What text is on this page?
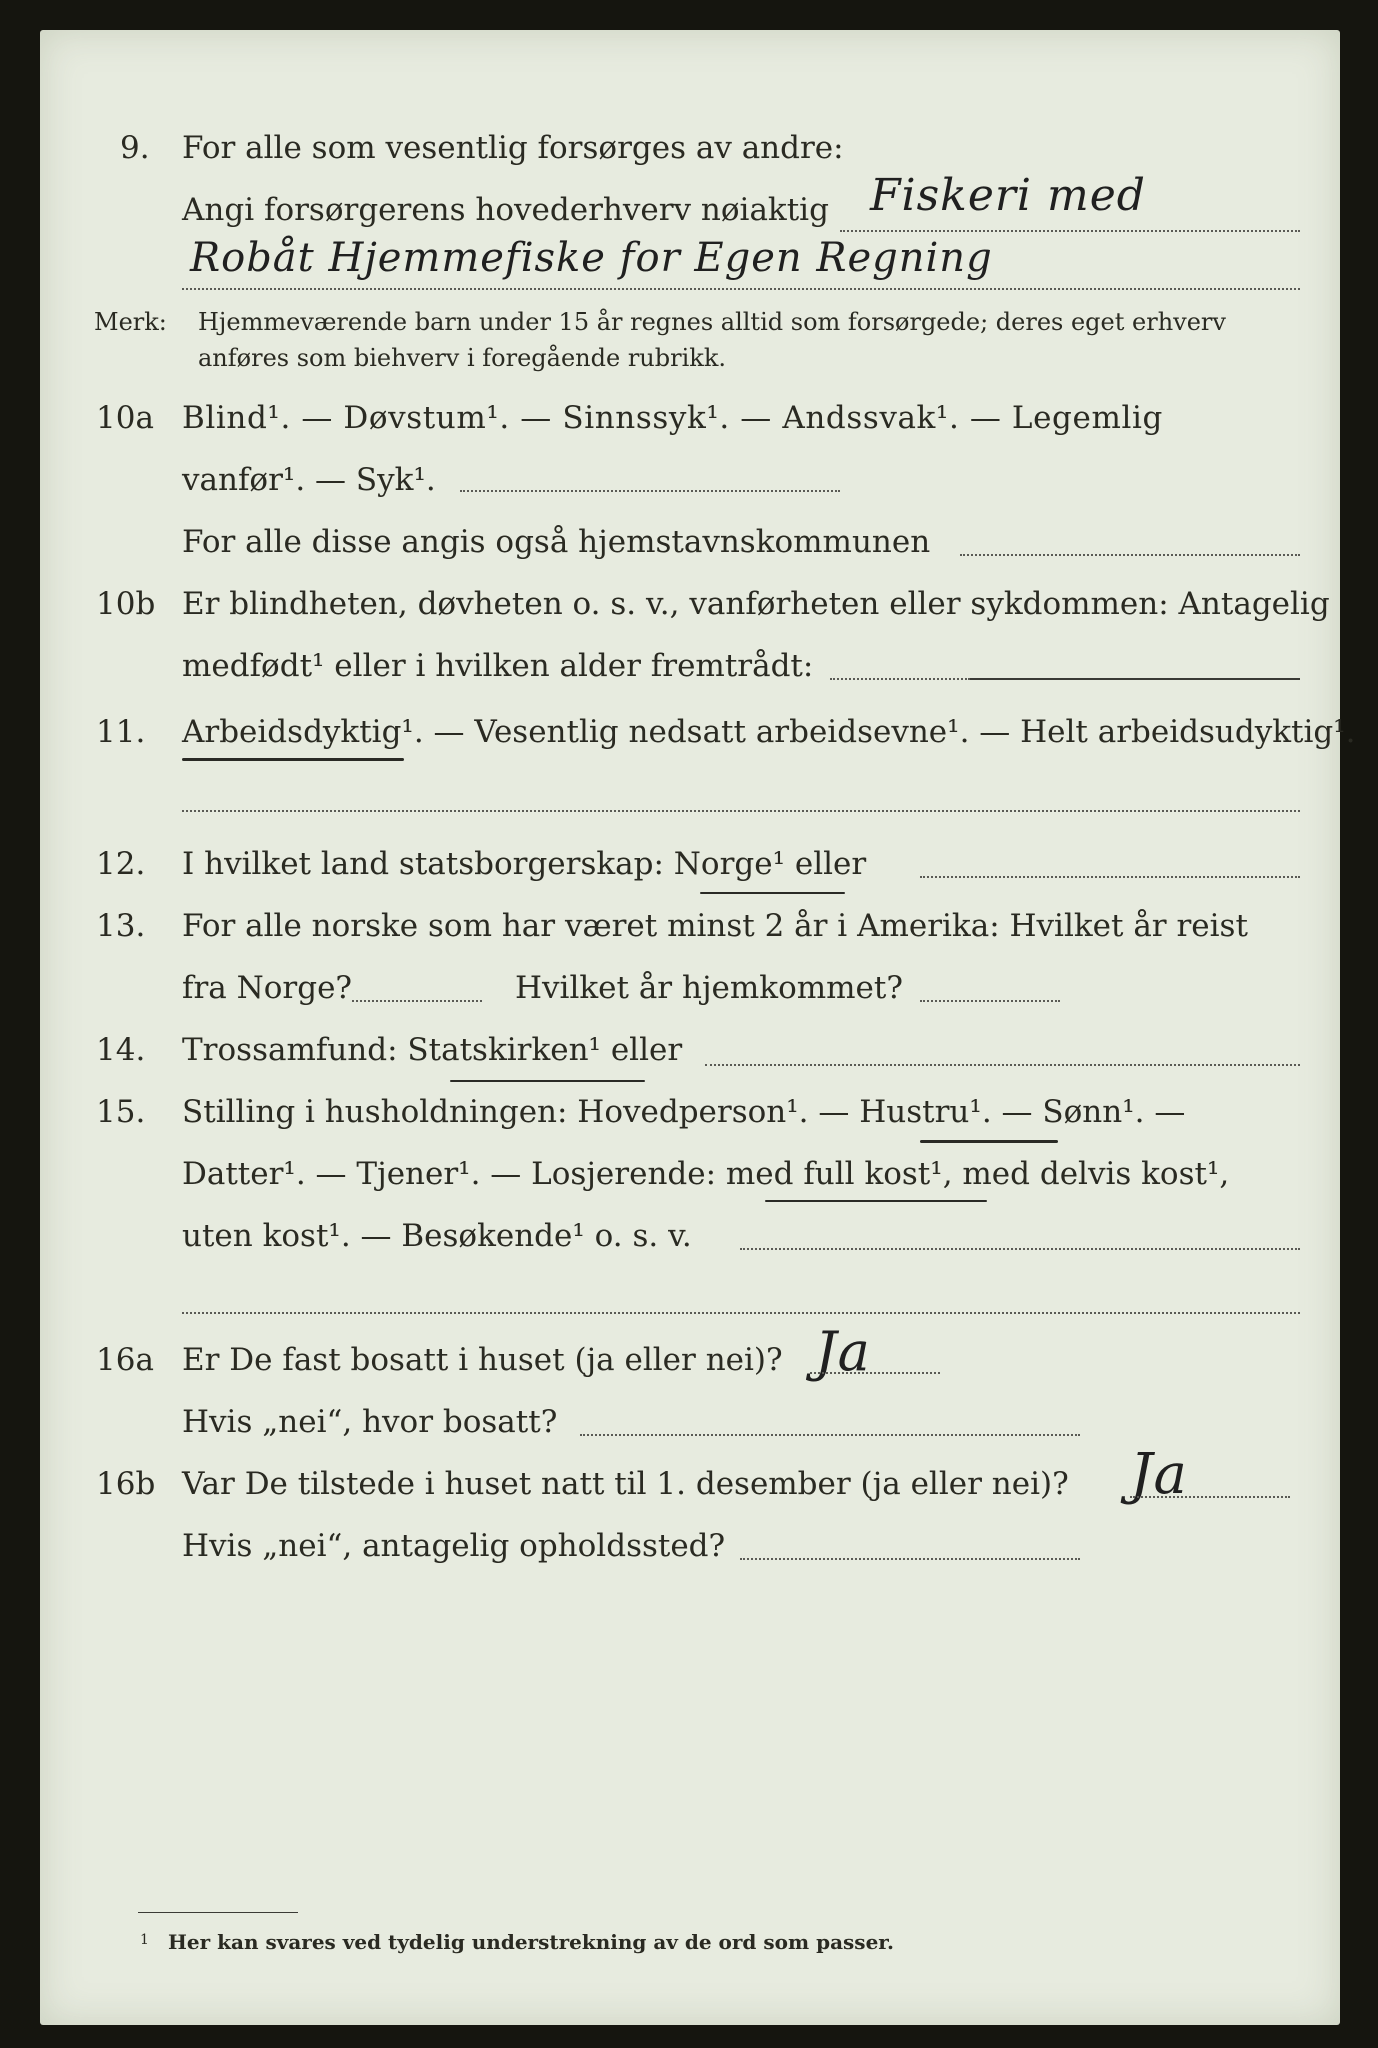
9.	For alle som vesentlig forsørges av andre:
Angi forsørgerens hovederhverv nøiaktig Fiskeri med
Robåt Hjemmefiske for Egen Regning
Merk: Hjemmeværende barn under 15 år regnes alltid som forsørgede; deres eget erhverv
anføres som biehverv i foregående rubrikk.
10a Blind¹. — Døvstum¹. — Sinnssyk¹. — Andssvak¹. — Legemlig
vanfør¹. — Syk¹.
For alle disse angis også hjemstavnskommunen
10b Er blindheten, døvheten o. s. v., vanførheten eller sykdommen: Antagelig
medfødt¹ eller i hvilken alder fremtrådt:
11.	Arbeidsdyktig¹. — Vesentlig nedsatt arbeidsevne¹. — Helt arbeidsudyktig¹.
12.	I hvilket land statsborgerskap: Norge¹ eller
13.	For alle norske som har været minst 2 år i Amerika: Hvilket år reist
fra Norge?	Hvilket år hjemkommet?
14.	Trossamfund: Statskirken¹ eller
15.	Stilling i husholdningen: Hovedperson¹. — Hustru¹. — Sønn¹. —
Datter¹. — Tjener¹. — Losjerende: med full kost¹, med delvis kost¹,
uten kost¹. — Besøkende¹ o. s. v.
16a Er De fast bosatt i huset (ja eller nei)? Ja
Hvis „nei“, hvor bosatt?
16b Var De tilstede i huset natt til 1. desember (ja eller nei)? Ja
Hvis „nei“, antagelig opholdssted?
1 Her kan svares ved tydelig understrekning av de ord som passer.
